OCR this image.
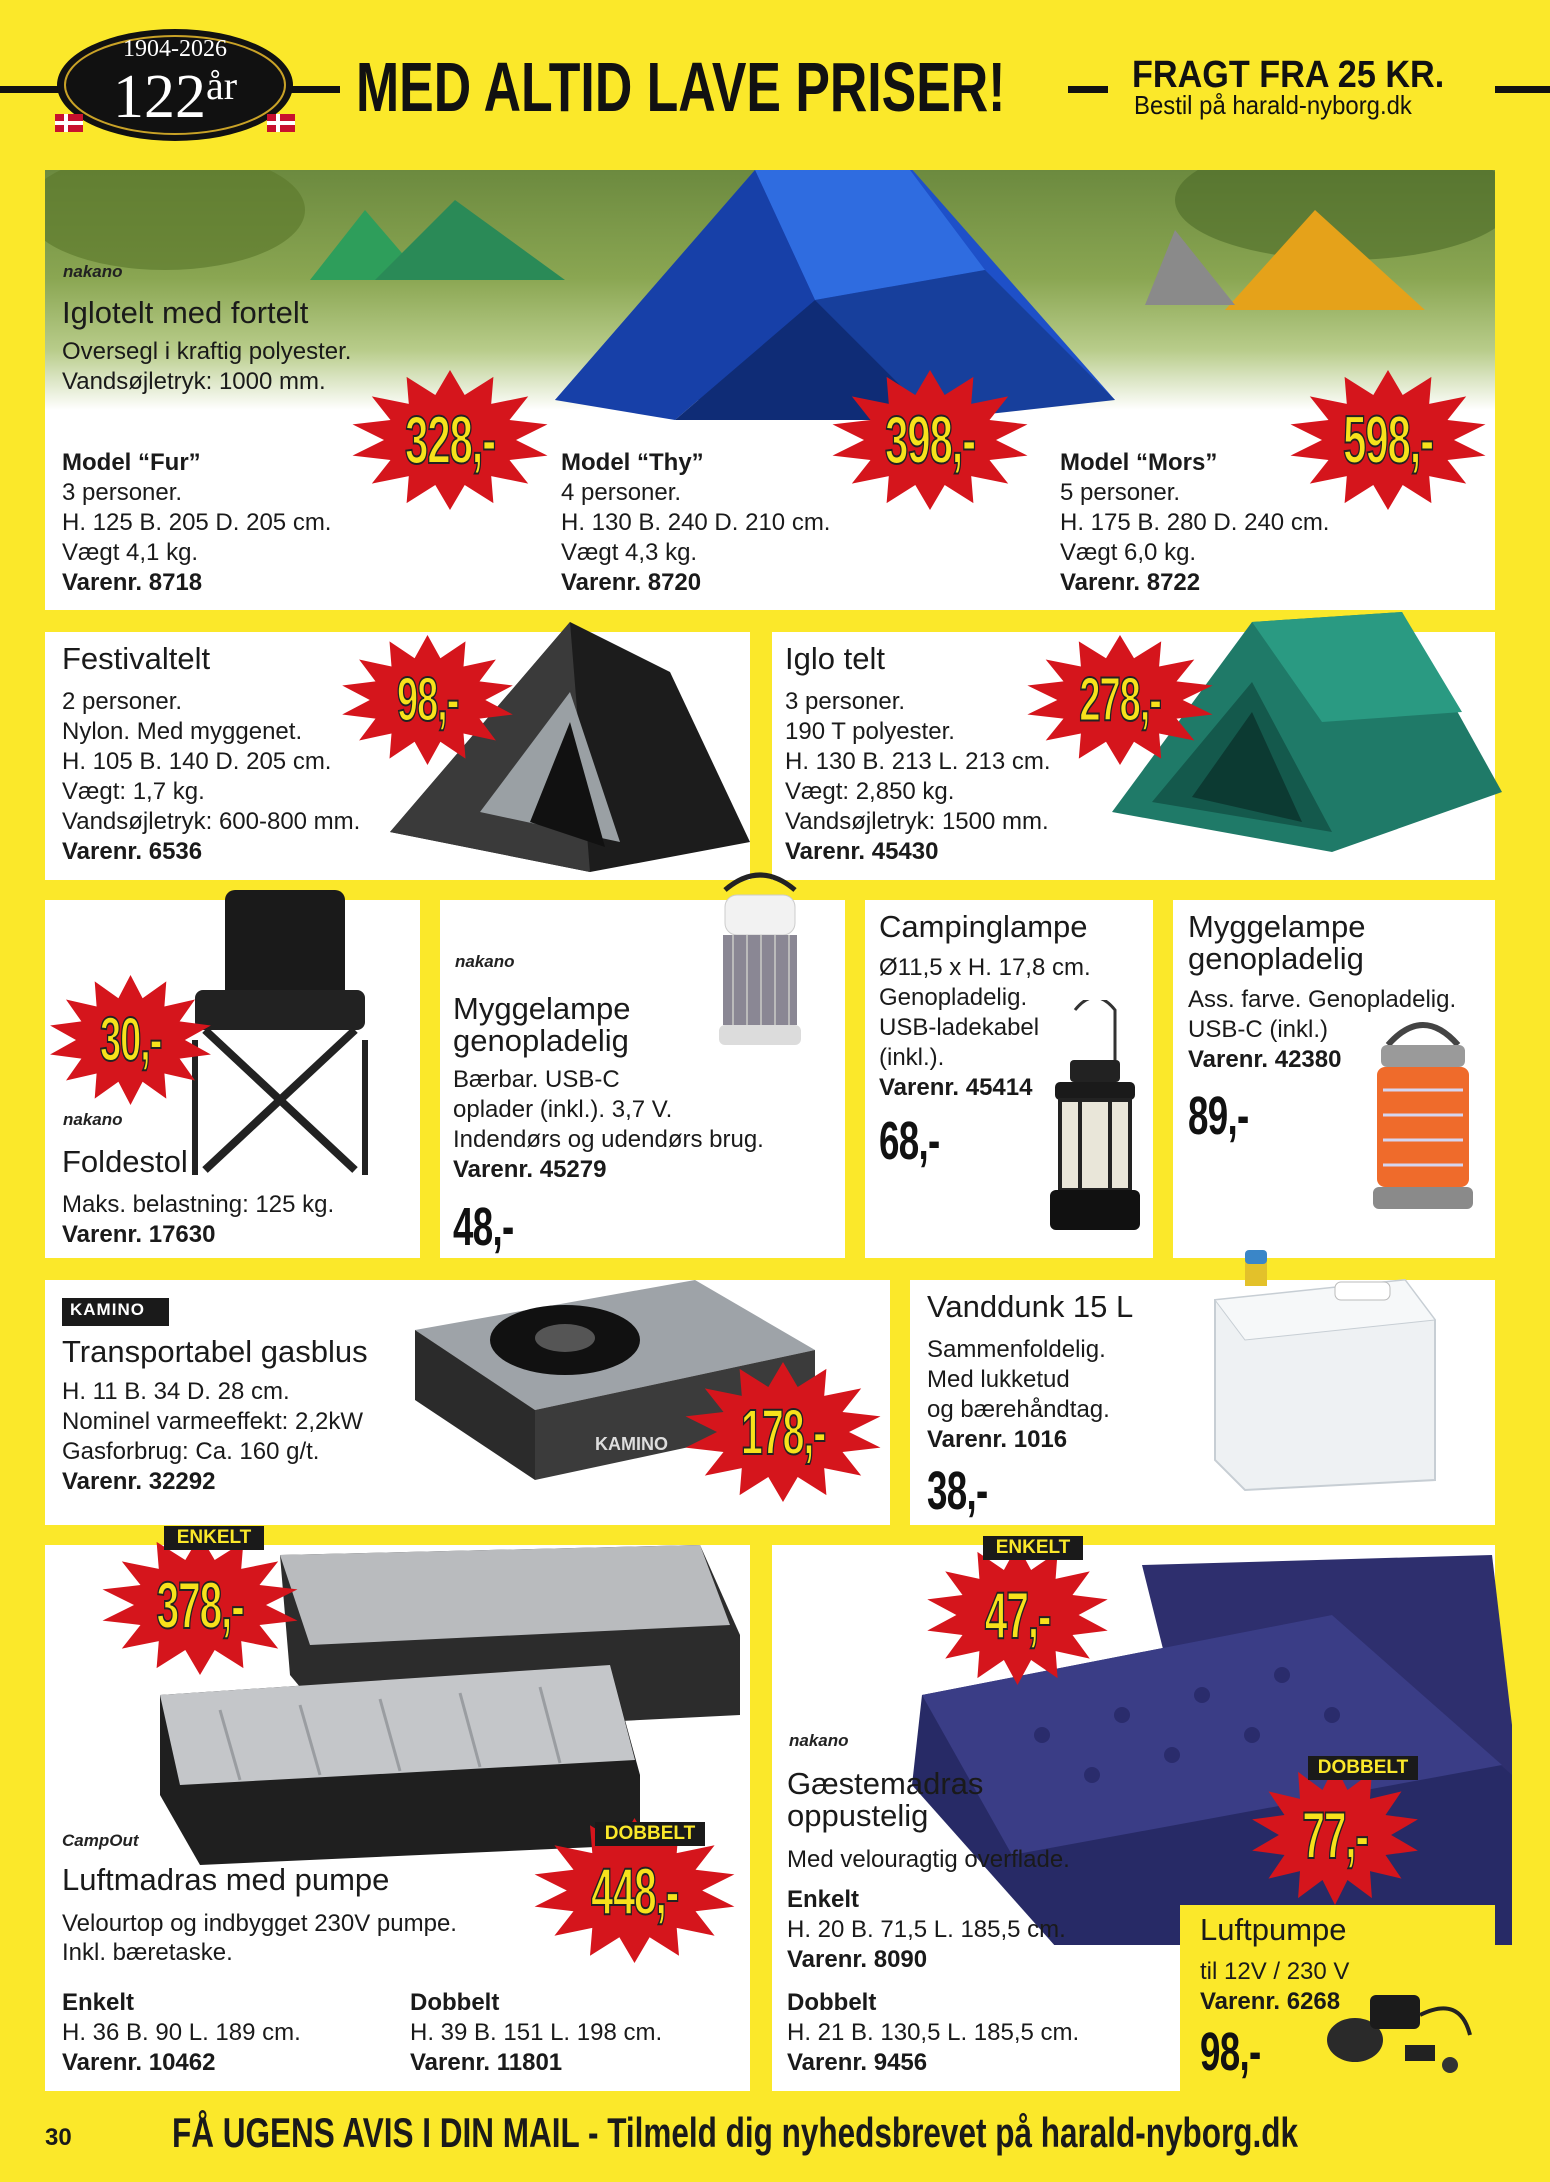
1904-2026
122år	MED ALTID LAVE PRISER!	FRAGT FRA 25 KR.
Bestil på harald-nyborg.dk
nakano
Iglotelt med fortelt
Oversegl i kraftig polyester.
Vandsøjletryk: 1000 mm.
Model “Fur”
3 personer.
H. 125 B. 205 D. 205 cm.
Vægt 4,1 kg.
Varenr. 8718
Model “Thy”
4 personer.
H. 130 B. 240 D. 210 cm.
Vægt 4,3 kg.
Varenr. 8720
Model “Mors”
5 personer.
H. 175 B. 280 D. 240 cm.
Vægt 6,0 kg.
Varenr. 8722
328,-	398,-	598,-
Festivaltelt
2 personer.
Nylon. Med myggenet.
H. 105 B. 140 D. 205 cm.
Vægt: 1,7 kg.
Vandsøjletryk: 600-800 mm.
Varenr. 6536
98,-
Iglo telt
3 personer.
190 T polyester.
H. 130 B. 213 L. 213 cm.
Vægt: 2,850 kg.
Vandsøjletryk: 1500 mm.
Varenr. 45430
278,-
nakano
Foldestol
Maks. belastning: 125 kg.
Varenr. 17630
30,-
nakano
Myggelampe
genopladelig
Bærbar. USB-C
oplader (inkl.). 3,7 V.
Indendørs og udendørs brug.
Varenr. 45279
48,-
Campinglampe
Ø11,5 x H. 17,8 cm.
Genopladelig.
USB-ladekabel
(inkl.).
Varenr. 45414
68,-
Myggelampe
genopladelig
Ass. farve. Genopladelig.
USB-C (inkl.)
Varenr. 42380
89,-
KAMINO
KAMINO
Transportabel gasblus
H. 11 B. 34 D. 28 cm.
Nominel varmeeffekt: 2,2kW
Gasforbrug: Ca. 160 g/t.
Varenr. 32292
178,-
Vanddunk 15 L
Sammenfoldelig.
Med lukketud
og bærehåndtag.
Varenr. 1016
38,-
CampOut
Luftmadras med pumpe
Velourtop og indbygget 230V pumpe.
Inkl. bæretaske.
Enkelt
H. 36 B. 90 L. 189 cm.
Varenr. 10462
Dobbelt
H. 39 B. 151 L. 198 cm.
Varenr. 11801
378,-
ENKELT
448,-
DOBBELT
nakano
Gæstemadras
oppustelig
Med velouragtig overflade.
Enkelt
H. 20 B. 71,5 L. 185,5 cm.
Varenr. 8090
Dobbelt
H. 21 B. 130,5 L. 185,5 cm.
Varenr. 9456
47,-
ENKELT
77,-
DOBBELT
Luftpumpe
til 12V / 230 V
Varenr. 6268
98,-
30 FÅ UGENS AVIS I DIN MAIL - Tilmeld dig nyhedsbrevet på harald-nyborg.dk
